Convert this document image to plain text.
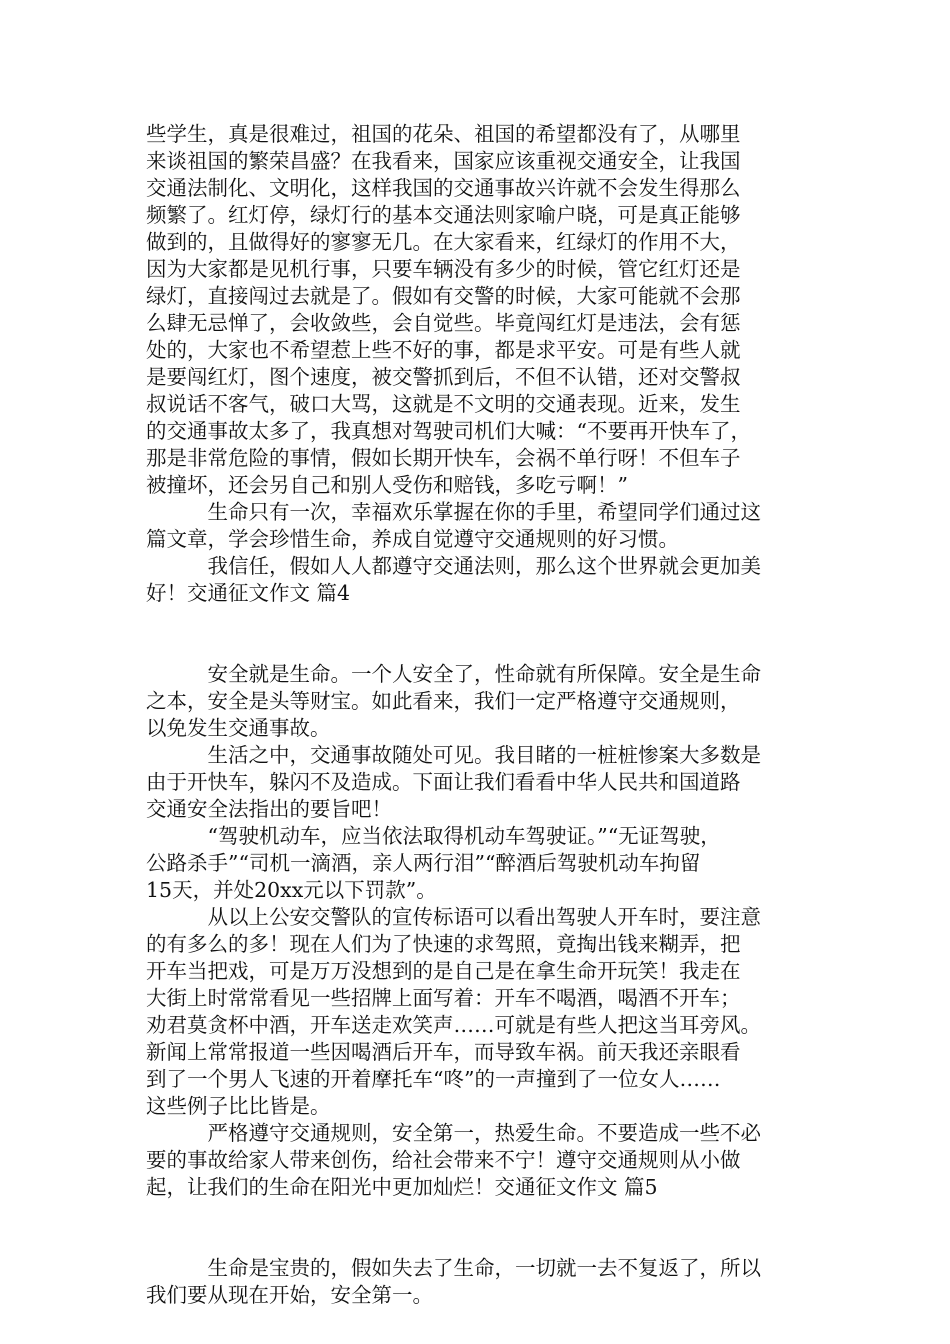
些学生，真是很难过，祖国的花朵、祖国的希望都没有了，从哪里
来谈祖国的繁荣昌盛？在我看来，国家应该重视交通安全，让我国
交通法制化、文明化，这样我国的交通事故兴许就不会发生得那么
频繁了。红灯停，绿灯行的基本交通法则家喻户晓，可是真正能够
做到的，且做得好的寥寥无几。在大家看来，红绿灯的作用不大，
因为大家都是见机行事，只要车辆没有多少的时候，管它红灯还是
绿灯，直接闯过去就是了。假如有交警的时候，大家可能就不会那
么肆无忌惮了，会收敛些，会自觉些。毕竟闯红灯是违法，会有惩
处的，大家也不希望惹上些不好的事，都是求平安。可是有些人就
是要闯红灯，图个速度，被交警抓到后，不但不认错，还对交警叔
叔说话不客气，破口大骂，这就是不文明的交通表现。近来，发生
的交通事故太多了，我真想对驾驶司机们大喊：“不要再开快车了，
那是非常危险的事情，假如长期开快车，会祸不单行呀！不但车子
被撞坏，还会另自己和别人受伤和赔钱，多吃亏啊！”
　　　生命只有一次，幸福欢乐掌握在你的手里，希望同学们通过这
篇文章，学会珍惜生命，养成自觉遵守交通规则的好习惯。
　　　我信任，假如人人都遵守交通法则，那么这个世界就会更加美
好！交通征文作文 篇4
　　　安全就是生命。一个人安全了，性命就有所保障。安全是生命
之本，安全是头等财宝。如此看来，我们一定严格遵守交通规则，
以免发生交通事故。
　　　生活之中，交通事故随处可见。我目睹的一桩桩惨案大多数是
由于开快车，躲闪不及造成。下面让我们看看中华人民共和国道路
交通安全法指出的要旨吧！
　　　“驾驶机动车，应当依法取得机动车驾驶证。”“无证驾驶，
公路杀手”“司机一滴酒，亲人两行泪”“醉酒后驾驶机动车拘留
15天，并处20xx元以下罚款”。
　　　从以上公安交警队的宣传标语可以看出驾驶人开车时，要注意
的有多么的多！现在人们为了快速的求驾照，竟掏出钱来糊弄，把
开车当把戏，可是万万没想到的是自己是在拿生命开玩笑！我走在
大街上时常常看见一些招牌上面写着：开车不喝酒，喝酒不开车；
劝君莫贪杯中酒，开车送走欢笑声……可就是有些人把这当耳旁风。
新闻上常常报道一些因喝酒后开车，而导致车祸。前天我还亲眼看
到了一个男人飞速的开着摩托车“咚”的一声撞到了一位女人……
这些例子比比皆是。
　　　严格遵守交通规则，安全第一，热爱生命。不要造成一些不必
要的事故给家人带来创伤，给社会带来不宁！遵守交通规则从小做
起，让我们的生命在阳光中更加灿烂！交通征文作文 篇5
　　　生命是宝贵的，假如失去了生命，一切就一去不复返了，所以
我们要从现在开始，安全第一。
